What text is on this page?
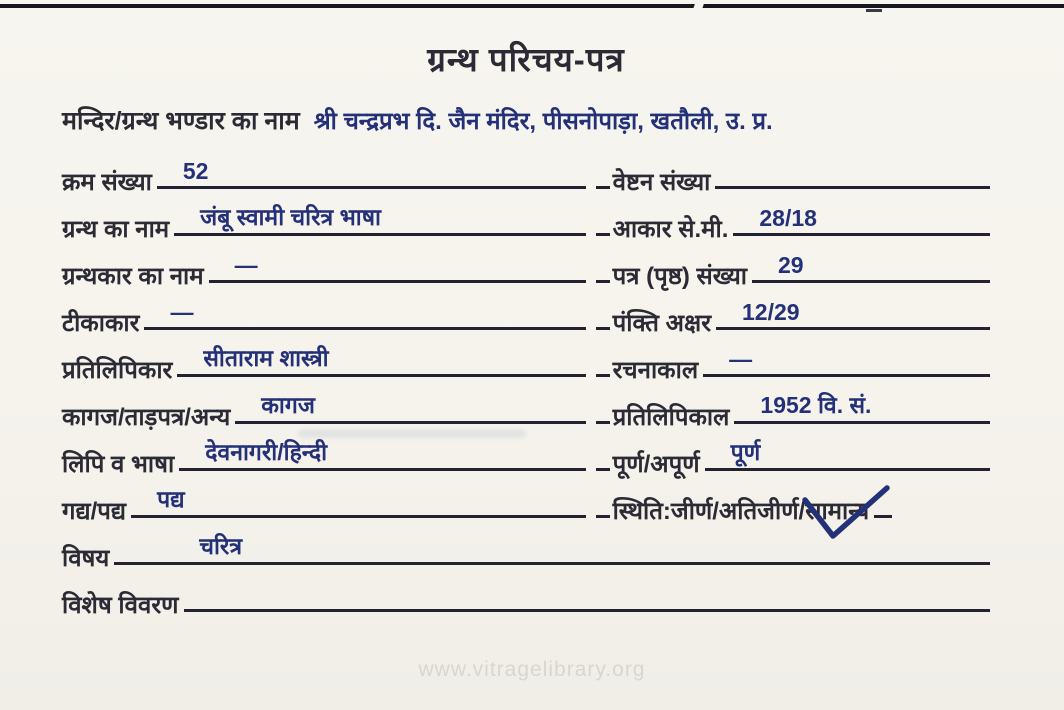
ग्रन्थ परिचय-पत्र
मन्दिर/ग्रन्थ भण्डार का नाम श्री चन्द्रप्रभ दि. जैन मंदिर, पीसनोपाड़ा, खतौली, उ. प्र.
क्रम संख्या 52	वेष्टन संख्या
ग्रन्थ का नाम जंबू स्वामी चरित्र भाषा	आकार से.मी. 28/18
ग्रन्थकार का नाम —	पत्र (पृष्ठ) संख्या 29
टीकाकार —	पंक्ति अक्षर 12/29
प्रतिलिपिकार सीताराम शास्त्री	रचनाकाल —
कागज/ताड़पत्र/अन्य कागज	प्रतिलिपिकाल 1952 वि. सं.
लिपि व भाषा देवनागरी/हिन्दी	पूर्ण/अपूर्ण पूर्ण
गद्य/पद्य पद्य	स्थिति:जीर्ण/अतिजीर्ण/ सामान्य
विषय	चरित्र
विशेष विवरण
www.vitragelibrary.org
